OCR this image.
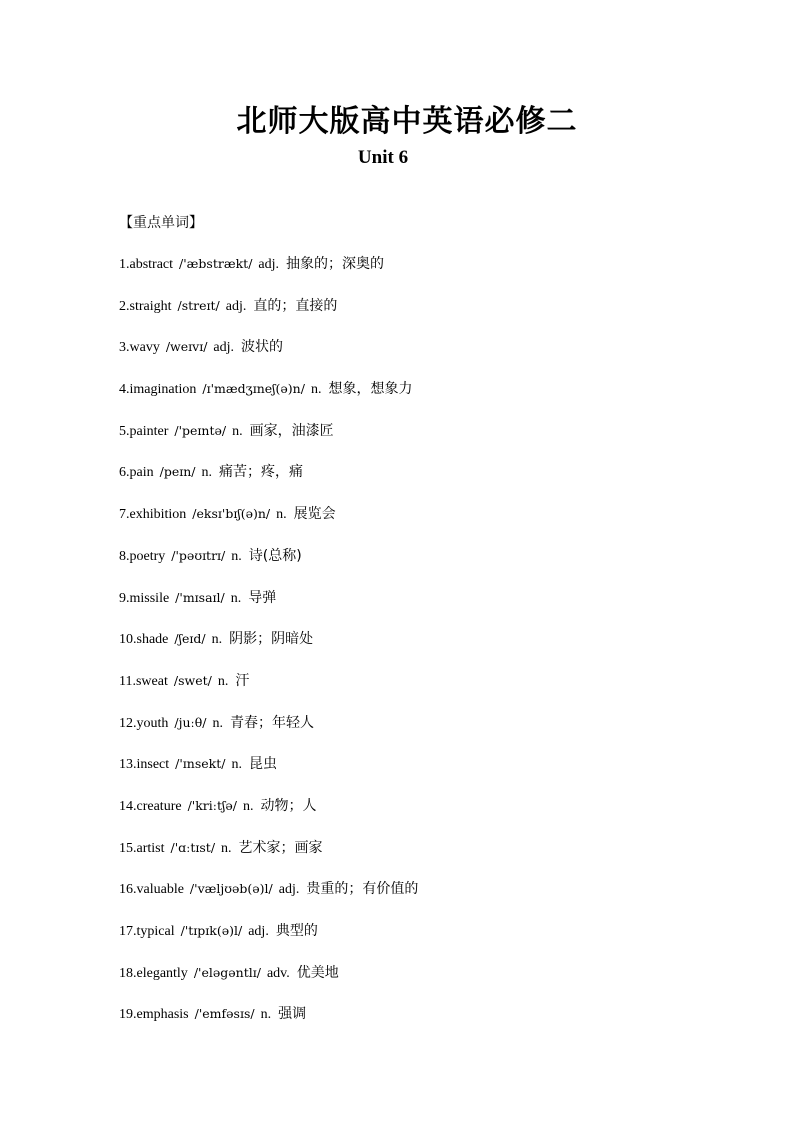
北师大版高中英语必修二
Unit 6
【重点单词】
1.abstract /'æbstrækt/ adj. 抽象的；深奥的
2.straight /streɪt/ adj. 直的；直接的
3.wavy /weɪvɪ/ adj. 波状的
4.imagination /ɪ'mædʒɪneʃ(ə)n/ n. 想象，想象力
5.painter /'peɪntə/ n. 画家，油漆匠
6.pain /peɪn/ n. 痛苦；疼，痛
7.exhibition /eksɪ'bɪʃ(ə)n/ n. 展览会
8.poetry /'pəʊɪtrɪ/ n. 诗(总称)
9.missile /'mɪsaɪl/ n. 导弹
10.shade /ʃeɪd/ n. 阴影；阴暗处
11.sweat /swet/ n. 汗
12.youth /juːθ/ n. 青春；年轻人
13.insect /'ɪnsekt/ n. 昆虫
14.creature /'kriːtʃə/ n. 动物；人
15.artist /'ɑːtɪst/ n. 艺术家；画家
16.valuable /'væljʊəb(ə)l/ adj. 贵重的；有价值的
17.typical /'tɪpɪk(ə)l/ adj. 典型的
18.elegantly /'eləgəntlɪ/ adv. 优美地
19.emphasis /'emfəsɪs/ n. 强调
